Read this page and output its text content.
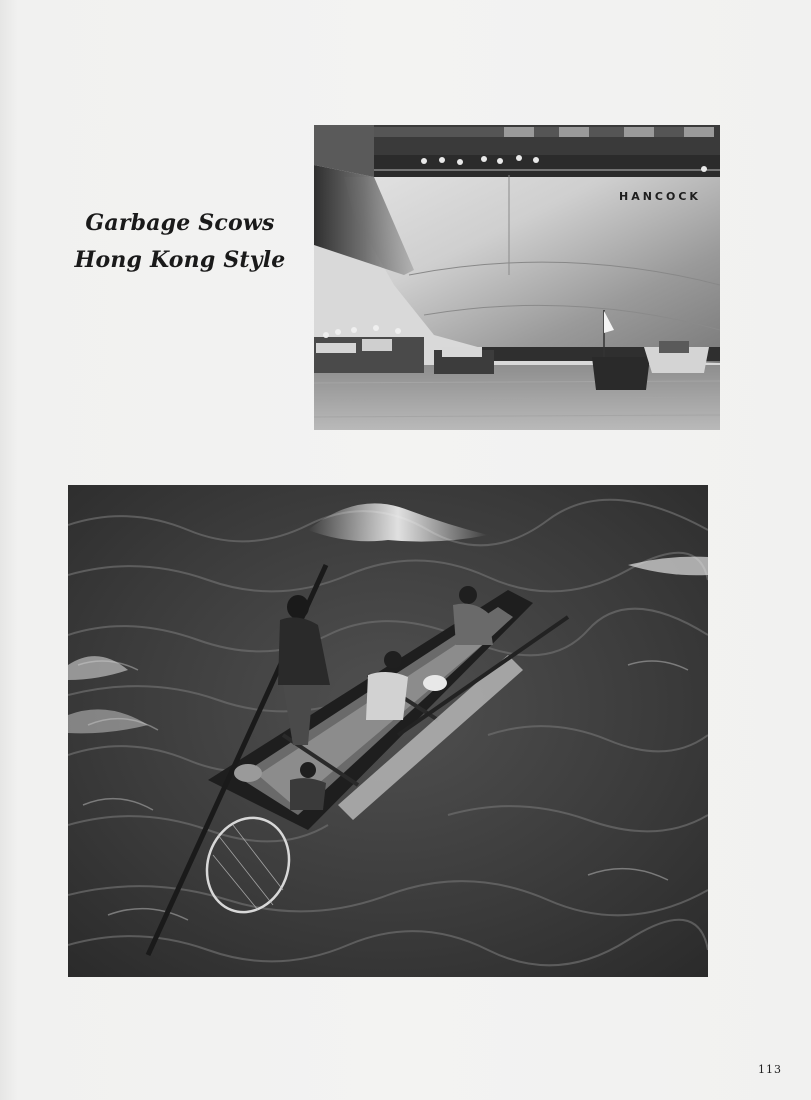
Garbage Scows
Hong Kong Style
HANCOCK
113
